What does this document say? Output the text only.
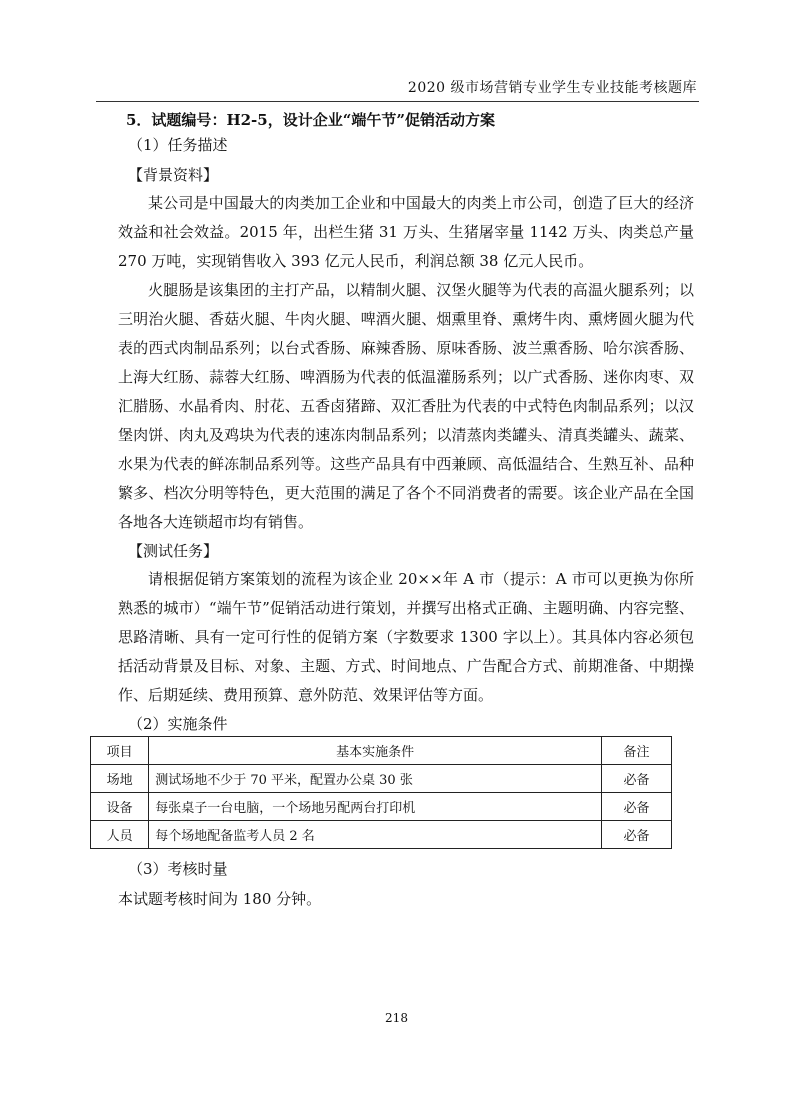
2020 级市场营销专业学生专业技能考核题库
5．试题编号：H2-5，设计企业“端午节”促销活动方案
（1）任务描述
【背景资料】

某公司是中国最大的肉类加工企业和中国最大的肉类上市公司，创造了巨大的经济效益和社会效益。2015 年，出栏生猪 31 万头、生猪屠宰量 1142 万头、肉类总产量 270 万吨，实现销售收入 393 亿元人民币，利润总额 38 亿元人民币。

火腿肠是该集团的主打产品，以精制火腿、汉堡火腿等为代表的高温火腿系列；以三明治火腿、香菇火腿、牛肉火腿、啤酒火腿、烟熏里脊、熏烤牛肉、熏烤圆火腿为代表的西式肉制品系列；以台式香肠、麻辣香肠、原味香肠、波兰熏香肠、哈尔滨香肠、上海大红肠、蒜蓉大红肠、啤酒肠为代表的低温灌肠系列；以广式香肠、迷你肉枣、双汇腊肠、水晶肴肉、肘花、五香卤猪蹄、双汇香肚为代表的中式特色肉制品系列；以汉堡肉饼、肉丸及鸡块为代表的速冻肉制品系列；以清蒸肉类罐头、清真类罐头、蔬菜、水果为代表的鲜冻制品系列等。这些产品具有中西兼顾、高低温结合、生熟互补、品种繁多、档次分明等特色，更大范围的满足了各个不同消费者的需要。该企业产品在全国各地各大连锁超市均有销售。

【测试任务】

请根据促销方案策划的流程为该企业 20××年 A 市（提示：A 市可以更换为你所熟悉的城市）“端午节”促销活动进行策划，并撰写出格式正确、主题明确、内容完整、思路清晰、具有一定可行性的促销方案（字数要求 1300 字以上）。其具体内容必须包括活动背景及目标、对象、主题、方式、时间地点、广告配合方式、前期准备、中期操作、后期延续、费用预算、意外防范、效果评估等方面。

（2）实施条件
项目	基本实施条件	备注
场地	测试场地不少于 70 平米，配置办公桌 30 张	必备
设备	每张桌子一台电脑，一个场地另配两台打印机	必备
人员	每个场地配备监考人员 2 名	必备
（3）考核时量
本试题考核时间为 180 分钟。
218
